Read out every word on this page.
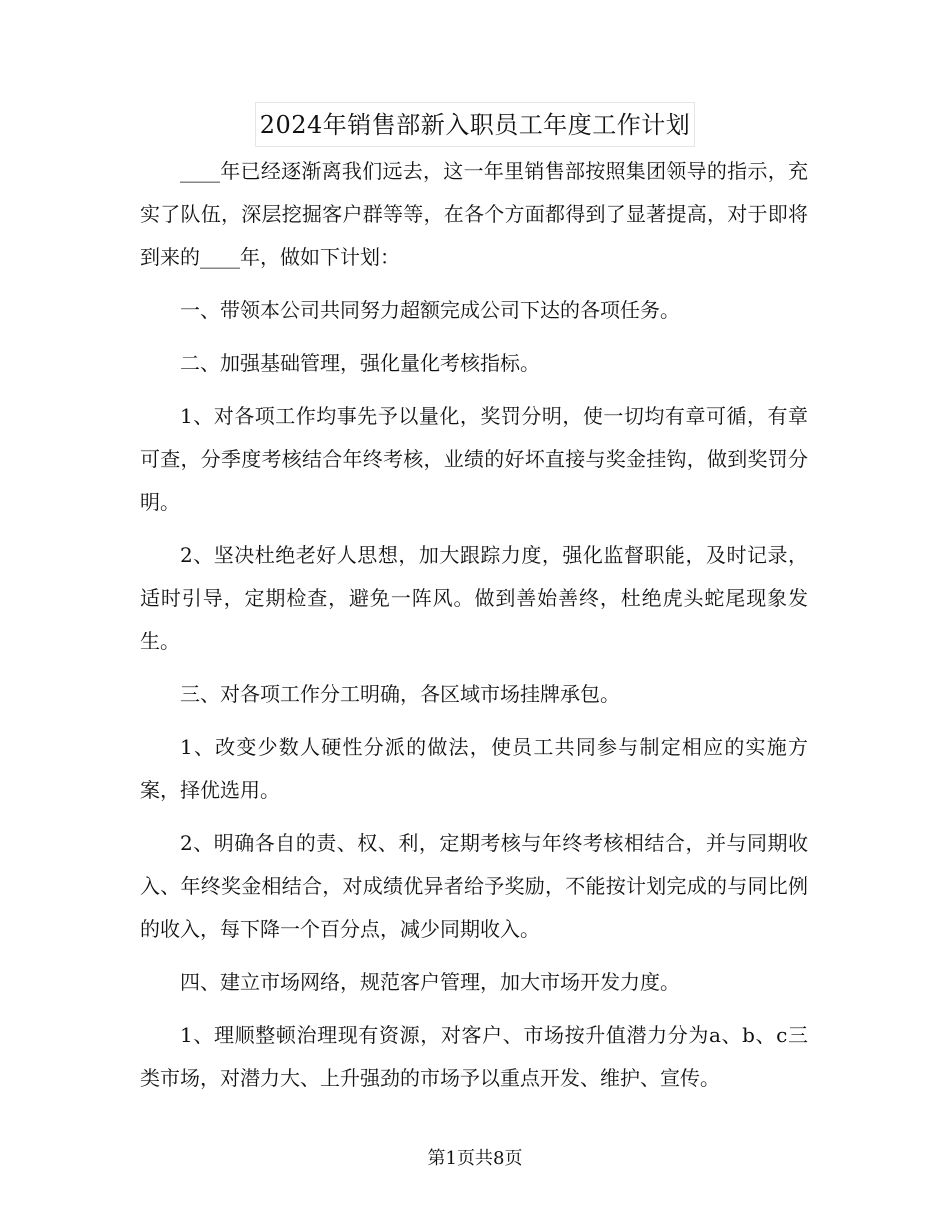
2024年销售部新入职员工年度工作计划

____年已经逐渐离我们远去，这一年里销售部按照集团领导的指示，充实了队伍，深层挖掘客户群等等，在各个方面都得到了显著提高，对于即将到来的____年，做如下计划：

一、带领本公司共同努力超额完成公司下达的各项任务。

二、加强基础管理，强化量化考核指标。

1、对各项工作均事先予以量化，奖罚分明，使一切均有章可循，有章可查，分季度考核结合年终考核，业绩的好坏直接与奖金挂钩，做到奖罚分明。

2、坚决杜绝老好人思想，加大跟踪力度，强化监督职能，及时记录，适时引导，定期检查，避免一阵风。做到善始善终，杜绝虎头蛇尾现象发生。

三、对各项工作分工明确，各区域市场挂牌承包。

1、改变少数人硬性分派的做法，使员工共同参与制定相应的实施方案，择优选用。

2、明确各自的责、权、利，定期考核与年终考核相结合，并与同期收入、年终奖金相结合，对成绩优异者给予奖励，不能按计划完成的与同比例的收入，每下降一个百分点，减少同期收入。

四、建立市场网络，规范客户管理，加大市场开发力度。

1、理顺整顿治理现有资源，对客户、市场按升值潜力分为a、b、c三类市场，对潜力大、上升强劲的市场予以重点开发、维护、宣传。

第1页共8页
